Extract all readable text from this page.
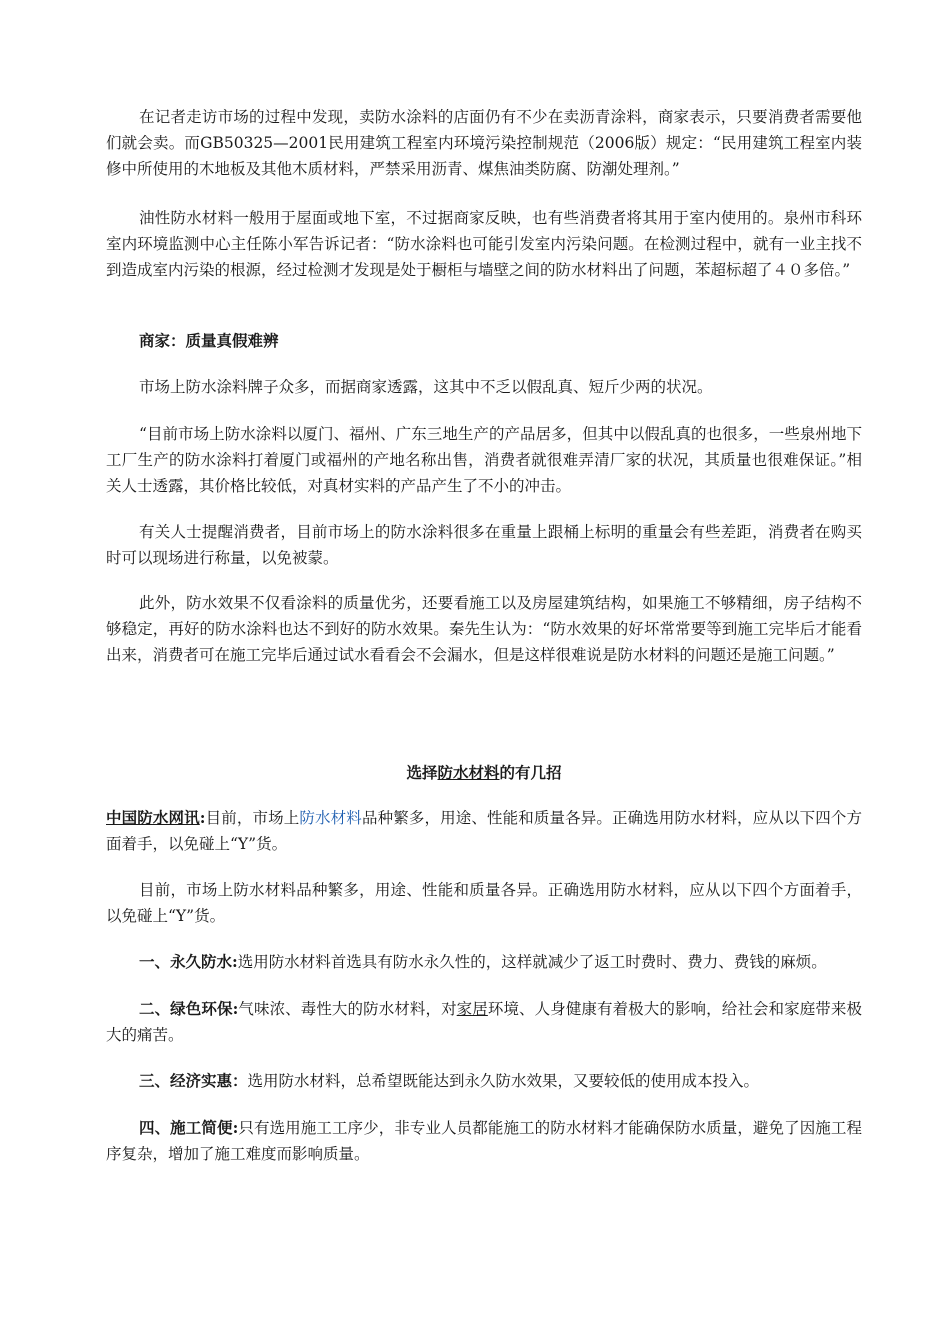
在记者走访市场的过程中发现，卖防水涂料的店面仍有不少在卖沥青涂料，商家表示，只要消费者需要他们就会卖。而GB50325—2001民用建筑工程室内环境污染控制规范（2006版）规定：“民用建筑工程室内装修中所使用的木地板及其他木质材料，严禁采用沥青、煤焦油类防腐、防潮处理剂。”

油性防水材料一般用于屋面或地下室，不过据商家反映，也有些消费者将其用于室内使用的。泉州市科环室内环境监测中心主任陈小军告诉记者：“防水涂料也可能引发室内污染问题。在检测过程中，就有一业主找不到造成室内污染的根源，经过检测才发现是处于橱柜与墙壁之间的防水材料出了问题，苯超标超了４０多倍。”

商家：质量真假难辨

市场上防水涂料牌子众多，而据商家透露，这其中不乏以假乱真、短斤少两的状况。

“目前市场上防水涂料以厦门、福州、广东三地生产的产品居多，但其中以假乱真的也很多，一些泉州地下工厂生产的防水涂料打着厦门或福州的产地名称出售，消费者就很难弄清厂家的状况，其质量也很难保证。”相关人士透露，其价格比较低，对真材实料的产品产生了不小的冲击。

有关人士提醒消费者，目前市场上的防水涂料很多在重量上跟桶上标明的重量会有些差距，消费者在购买时可以现场进行称量，以免被蒙。

此外，防水效果不仅看涂料的质量优劣，还要看施工以及房屋建筑结构，如果施工不够精细，房子结构不够稳定，再好的防水涂料也达不到好的防水效果。秦先生认为：“防水效果的好坏常常要等到施工完毕后才能看出来，消费者可在施工完毕后通过试水看看会不会漏水，但是这样很难说是防水材料的问题还是施工问题。”

选择防水材料的有几招

中国防水网讯:目前，市场上防水材料品种繁多，用途、性能和质量各异。正确选用防水材料，应从以下四个方面着手，以免碰上“Y”货。

目前，市场上防水材料品种繁多，用途、性能和质量各异。正确选用防水材料，应从以下四个方面着手，以免碰上“Y”货。

一、永久防水:选用防水材料首选具有防水永久性的，这样就减少了返工时费时、费力、费钱的麻烦。

二、绿色环保:气味浓、毒性大的防水材料，对家居环境、人身健康有着极大的影响，给社会和家庭带来极大的痛苦。

三、经济实惠：选用防水材料，总希望既能达到永久防水效果，又要较低的使用成本投入。

四、施工简便:只有选用施工工序少，非专业人员都能施工的防水材料才能确保防水质量，避免了因施工程序复杂，增加了施工难度而影响质量。
